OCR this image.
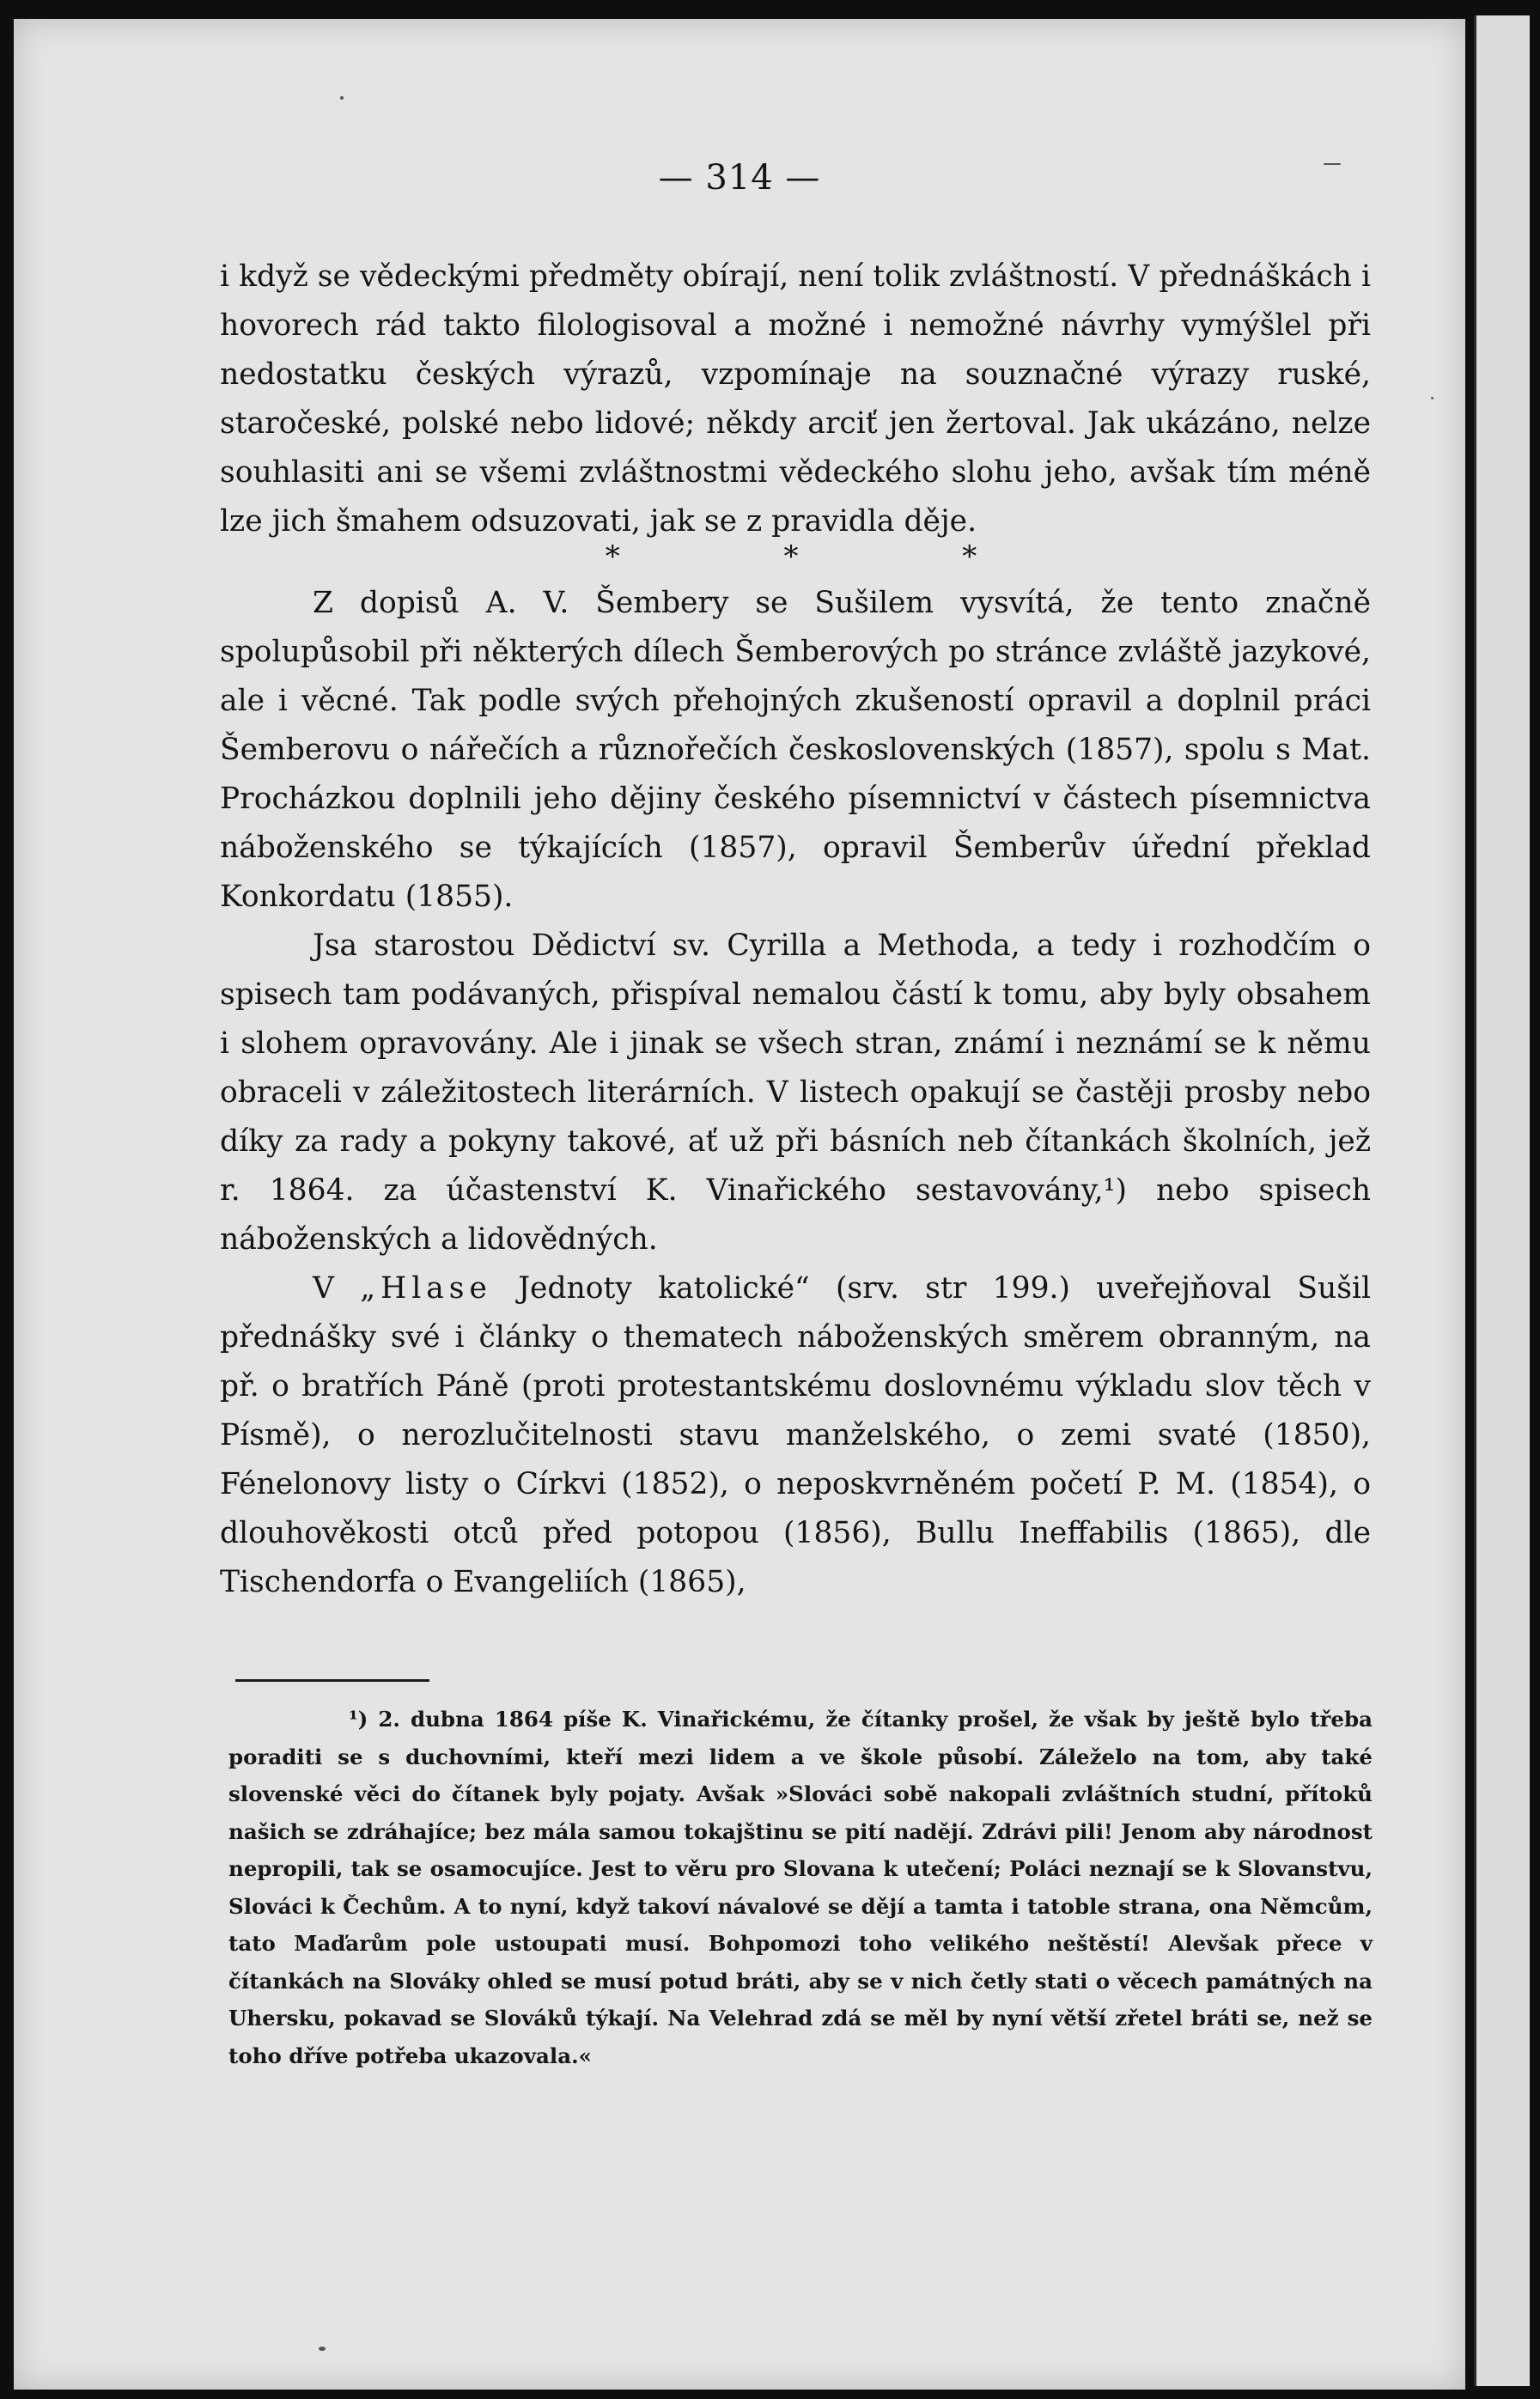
— 314 —

i když se vědeckými předměty obírají, není tolik zvláštností. V přednáškách i hovorech rád takto filologisoval a možné i nemožné návrhy vymýšlel při nedostatku českých výrazů, vzpomínaje na souznačné výrazy ruské, staročeské, polské nebo lidové; někdy arciť jen žertoval. Jak ukázáno, nelze souhlasiti ani se všemi zvláštnostmi vědeckého slohu jeho, avšak tím méně lze jich šmahem odsuzovati, jak se z pravidla děje.

* * *

Z dopisů A. V. Šembery se Sušilem vysvítá, že tento značně spolupůsobil při některých dílech Šemberových po stránce zvláště jazykové, ale i věcné. Tak podle svých přehojných zkušeností opravil a doplnil práci Šemberovu o nářečích a různořečích československých (1857), spolu s Mat. Procházkou doplnili jeho dějiny českého písemnictví v částech písemnictva náboženského se týkajících (1857), opravil Šemberův úřední překlad Konkordatu (1855).

Jsa starostou Dědictví sv. Cyrilla a Methoda, a tedy i rozhodčím o spisech tam podávaných, přispíval nemalou částí k tomu, aby byly obsahem i slohem opravovány. Ale i jinak se všech stran, známí i neznámí se k němu obraceli v záležitostech literárních. V listech opakují se častěji prosby nebo díky za rady a pokyny takové, ať už při básních neb čítankách školních, jež r. 1864. za účastenství K. Vinařického sestavovány,¹) nebo spisech náboženských a lidovědných.

V „Hlase Jednoty katolické“ (srv. str 199.) uveřejňoval Sušil přednášky své i články o thematech náboženských směrem obranným, na př. o bratřích Páně (proti protestantskému doslovnému výkladu slov těch v Písmě), o nerozlučitelnosti stavu manželského, o zemi svaté (1850), Fénelonovy listy o Církvi (1852), o neposkvrněném početí P. M. (1854), o dlouhověkosti otců před potopou (1856), Bullu Ineffabilis (1865), dle Tischendorfa o Evangeliích (1865),

¹) 2. dubna 1864 píše K. Vinařickému, že čítanky prošel, že však by ještě bylo třeba poraditi se s duchovními, kteří mezi lidem a ve škole působí. Záleželo na tom, aby také slovenské věci do čítanek byly pojaty. Avšak »Slováci sobě nakopali zvláštních studní, přítoků našich se zdráhajíce; bez mála samou tokajštinu se pití nadějí. Zdrávi pili! Jenom aby národnost nepropili, tak se osamocujíce. Jest to věru pro Slovana k utečení; Poláci neznají se k Slovanstvu, Slováci k Čechům. A to nyní, když takoví návalové se dějí a tamta i tatoble strana, ona Němcům, tato Maďarům pole ustoupati musí. Bohpomozi toho velikého neštěstí! Alevšak přece v čítankách na Slováky ohled se musí potud bráti, aby se v nich četly stati o věcech památných na Uhersku, pokavad se Slováků týkají. Na Velehrad zdá se měl by nyní větší zřetel bráti se, než se toho dříve potřeba ukazovala.«
